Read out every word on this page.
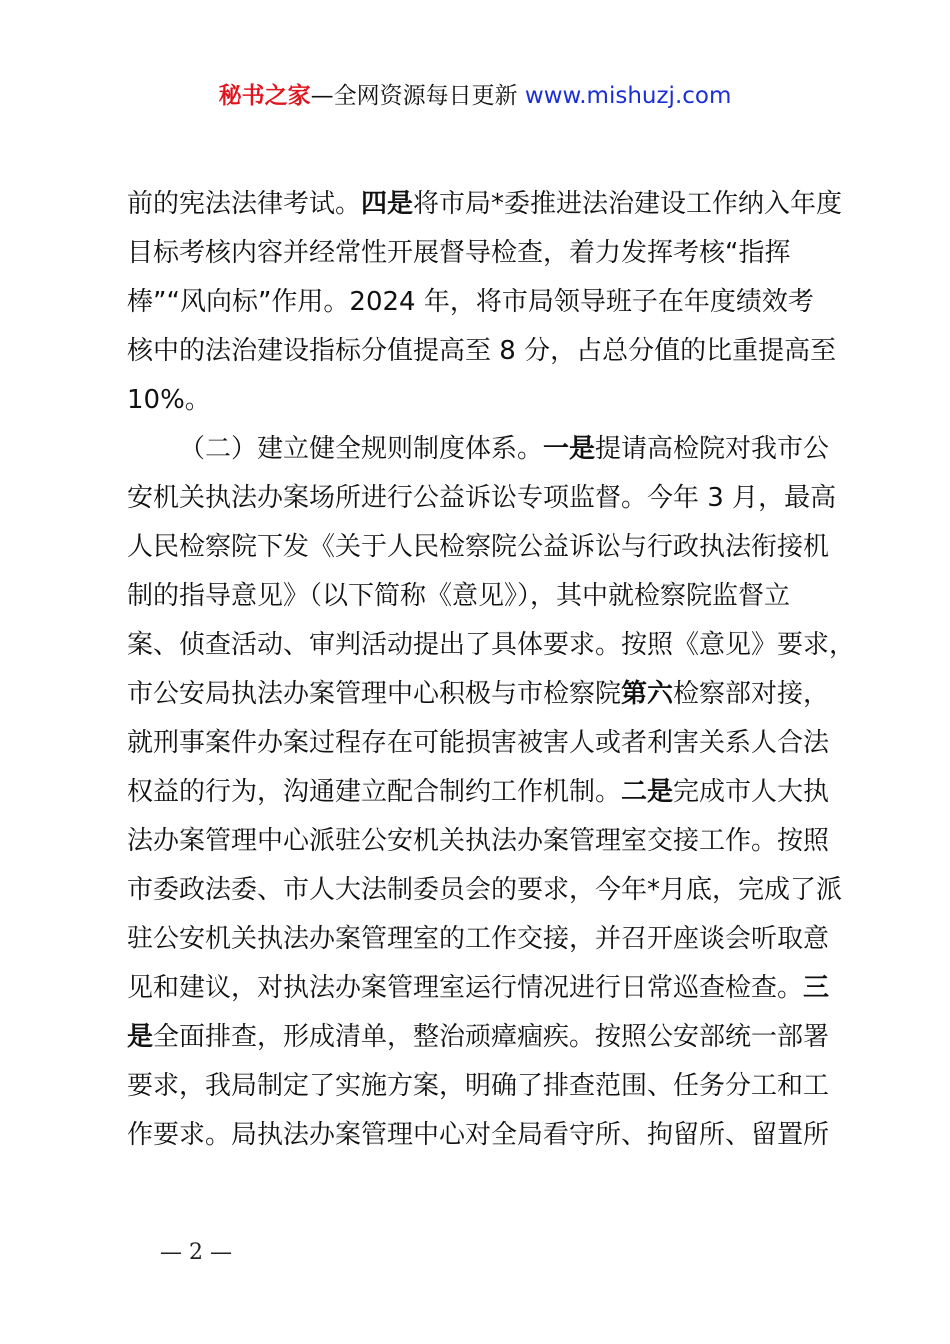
秘书之家—全网资源每日更新 www.mishuzj.com
前的宪法法律考试。四是将市局*委推进法治建设工作纳入年度
目标考核内容并经常性开展督导检查，着力发挥考核“指挥
棒”“风向标”作用。2024 年，将市局领导班子在年度绩效考
核中的法治建设指标分值提高至 8 分，占总分值的比重提高至
10%。
（二）建立健全规则制度体系。一是提请高检院对我市公
安机关执法办案场所进行公益诉讼专项监督。今年 3 月，最高
人民检察院下发《关于人民检察院公益诉讼与行政执法衔接机
制的指导意见》（以下简称《意见》），其中就检察院监督立
案、侦查活动、审判活动提出了具体要求。按照《意见》要求，
市公安局执法办案管理中心积极与市检察院第六检察部对接，
就刑事案件办案过程存在可能损害被害人或者利害关系人合法
权益的行为，沟通建立配合制约工作机制。二是完成市人大执
法办案管理中心派驻公安机关执法办案管理室交接工作。按照
市委政法委、市人大法制委员会的要求，今年*月底，完成了派
驻公安机关执法办案管理室的工作交接，并召开座谈会听取意
见和建议，对执法办案管理室运行情况进行日常巡查检查。三
是全面排查，形成清单，整治顽瘴痼疾。按照公安部统一部署
要求，我局制定了实施方案，明确了排查范围、任务分工和工
作要求。局执法办案管理中心对全局看守所、拘留所、留置所
— 2 —
